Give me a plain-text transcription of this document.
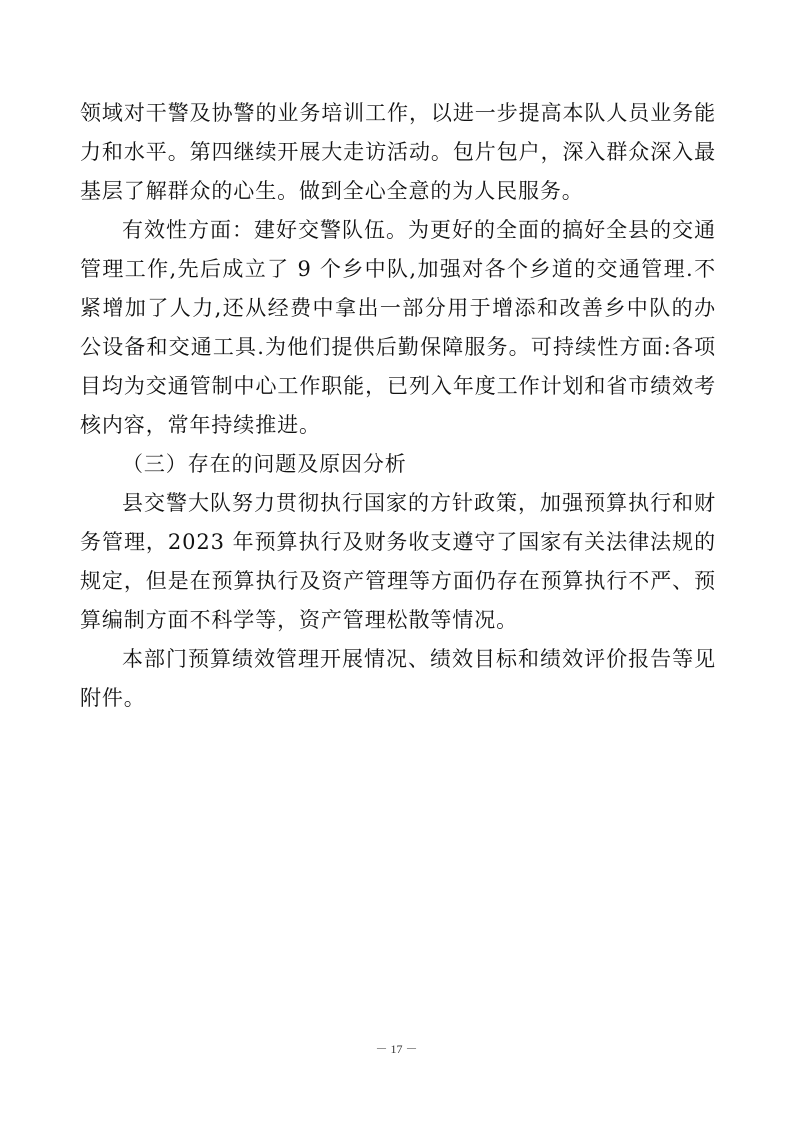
领域对干警及协警的业务培训工作，以进一步提高本队人员业务能力和水平。第四继续开展大走访活动。包片包户，深入群众深入最基层了解群众的心生。做到全心全意的为人民服务。

有效性方面：建好交警队伍。为更好的全面的搞好全县的交通管理工作,先后成立了 9 个乡中队,加强对各个乡道的交通管理.不紧增加了人力,还从经费中拿出一部分用于增添和改善乡中队的办公设备和交通工具.为他们提供后勤保障服务。可持续性方面:各项目均为交通管制中心工作职能，已列入年度工作计划和省市绩效考核内容，常年持续推进。

（三）存在的问题及原因分析

县交警大队努力贯彻执行国家的方针政策，加强预算执行和财务管理，2023 年预算执行及财务收支遵守了国家有关法律法规的规定，但是在预算执行及资产管理等方面仍存在预算执行不严、预算编制方面不科学等，资产管理松散等情况。

本部门预算绩效管理开展情况、绩效目标和绩效评价报告等见附件。

－ 17 －
